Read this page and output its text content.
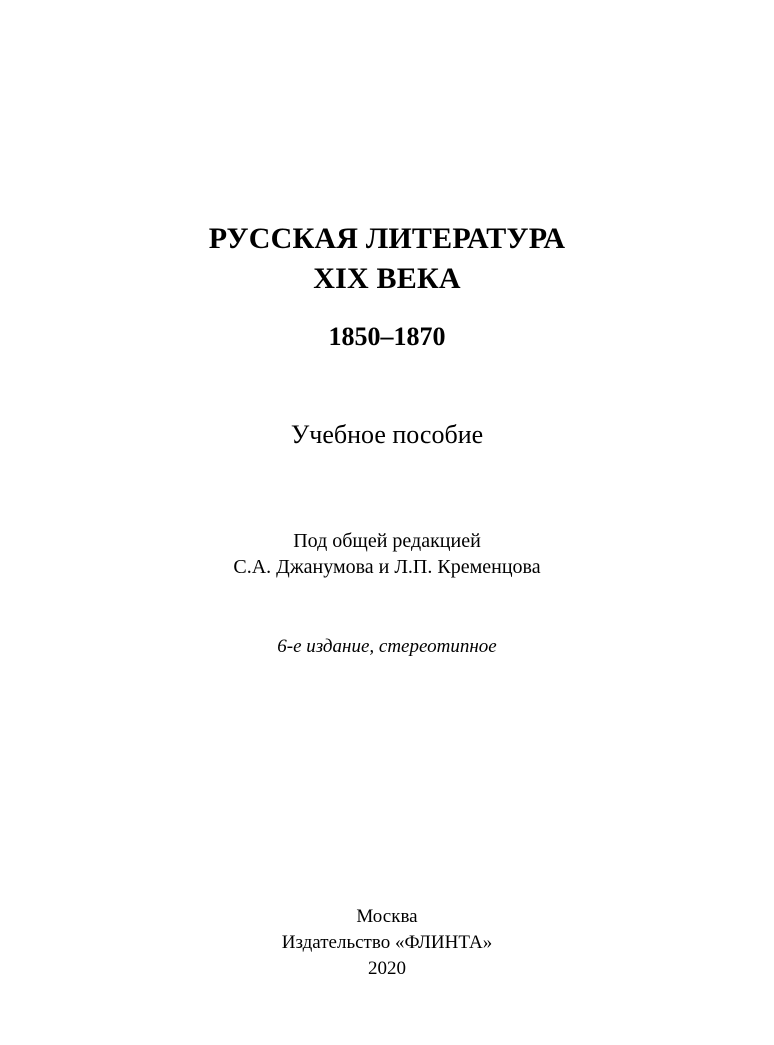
РУССКАЯ ЛИТЕРАТУРА
XIX ВЕКА
1850–1870
Учебное пособие
Под общей редакцией
С.А. Джанумова и Л.П. Кременцова
6-е издание, стереотипное
Москва
Издательство «ФЛИНТА»
2020
